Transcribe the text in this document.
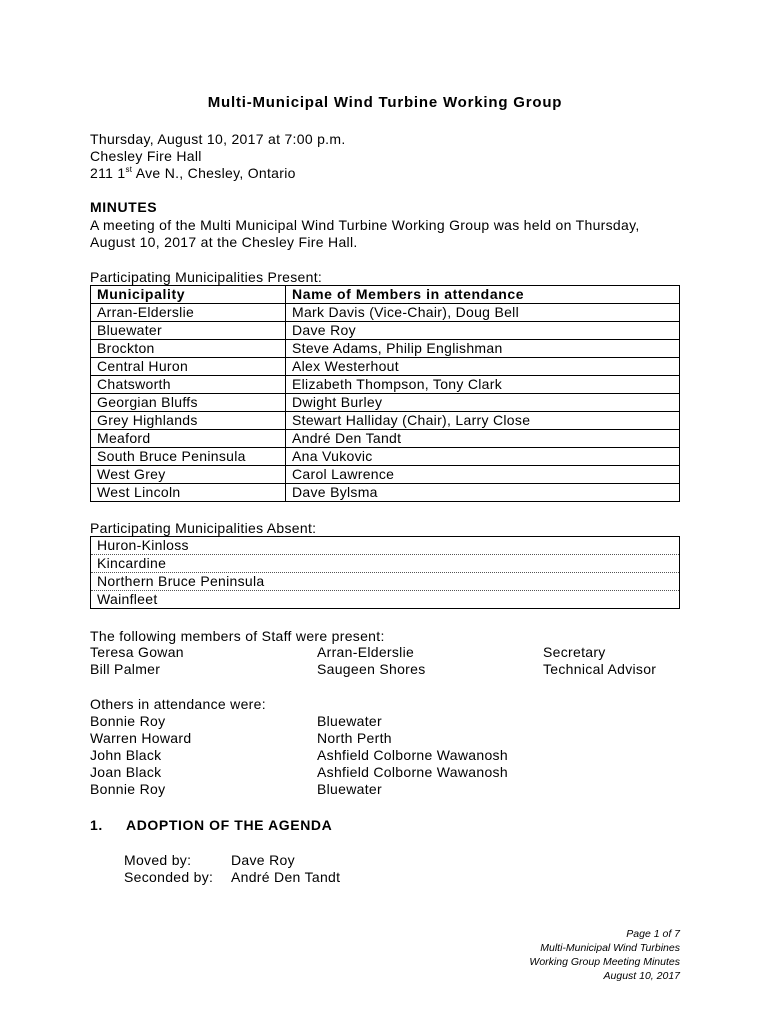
Multi-Municipal Wind Turbine Working Group
Thursday, August 10, 2017 at 7:00 p.m.
Chesley Fire Hall
211 1st Ave N., Chesley, Ontario
MINUTES
A meeting of the Multi Municipal Wind Turbine Working Group was held on Thursday,
August 10, 2017 at the Chesley Fire Hall.
Participating Municipalities Present:
Municipality	Name of Members in attendance
Arran-Elderslie	Mark Davis (Vice-Chair), Doug Bell
Bluewater	Dave Roy
Brockton	Steve Adams, Philip Englishman
Central Huron	Alex Westerhout
Chatsworth	Elizabeth Thompson, Tony Clark
Georgian Bluffs	Dwight Burley
Grey Highlands	Stewart Halliday (Chair), Larry Close
Meaford	André Den Tandt
South Bruce Peninsula	Ana Vukovic
West Grey	Carol Lawrence
West Lincoln	Dave Bylsma
Participating Municipalities Absent:
Huron-Kinloss
Kincardine
Northern Bruce Peninsula
Wainfleet
The following members of Staff were present:
Teresa Gowan	Arran-Elderslie	Secretary
Bill Palmer	Saugeen Shores	Technical Advisor
Others in attendance were:
Bonnie Roy	Bluewater
Warren Howard	North Perth
John Black	Ashfield Colborne Wawanosh
Joan Black	Ashfield Colborne Wawanosh
Bonnie Roy	Bluewater
1. ADOPTION OF THE AGENDA
Moved by:	Dave Roy
Seconded by: André Den Tandt
Page 1 of 7
Multi-Municipal Wind Turbines
Working Group Meeting Minutes
August 10, 2017
